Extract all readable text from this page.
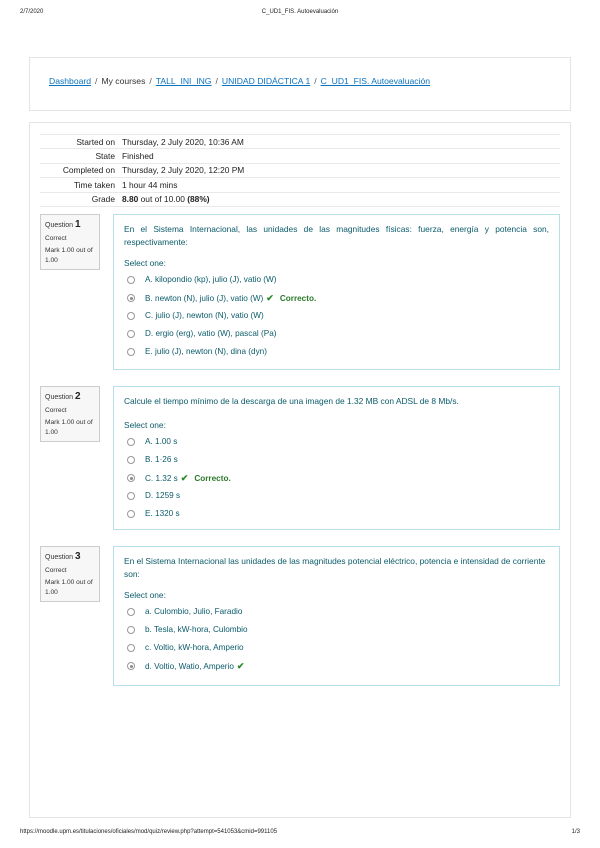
2/7/2020	C_UD1_FIS. Autoevaluación
Dashboard / My courses / TALL_INI_ING / UNIDAD DIDÁCTICA 1 / C_UD1_FIS. Autoevaluación
Started on	Thursday, 2 July 2020, 10:36 AM
State	Finished
Completed on	Thursday, 2 July 2020, 12:20 PM
Time taken	1 hour 44 mins
Grade	8.80 out of 10.00 (88%)
Question 1
Correct
Mark 1.00 out of 1.00
En el Sistema Internacional, las unidades de las magnitudes físicas: fuerza, energía y potencia son, respectivamente:
Select one:
A. kilopondio (kp), julio (J), vatio (W)
B. newton (N), julio (J), vatio (W) ✔ Correcto.
C. julio (J), newton (N), vatio (W)
D. ergio (erg), vatio (W), pascal (Pa)
E. julio (J), newton (N), dina (dyn)
Question 2
Correct
Mark 1.00 out of 1.00
Calcule el tiempo mínimo de la descarga de una imagen de 1.32 MB con ADSL de 8 Mb/s.
Select one:
A. 1.00 s
B. 1·26 s
C. 1.32 s ✔ Correcto.
D. 1259 s
E. 1320 s
Question 3
Correct
Mark 1.00 out of 1.00
En el Sistema Internacional las unidades de las magnitudes potencial eléctrico, potencia e intensidad de corriente son:
Select one:
a. Culombio, Julio, Faradio
b. Tesla, kW-hora, Culombio
c. Voltio, kW-hora, Amperio
d. Voltio, Watio, Amperio ✔
https://moodle.upm.es/titulaciones/oficiales/mod/quiz/review.php?attempt=541053&cmid=991105	1/3
